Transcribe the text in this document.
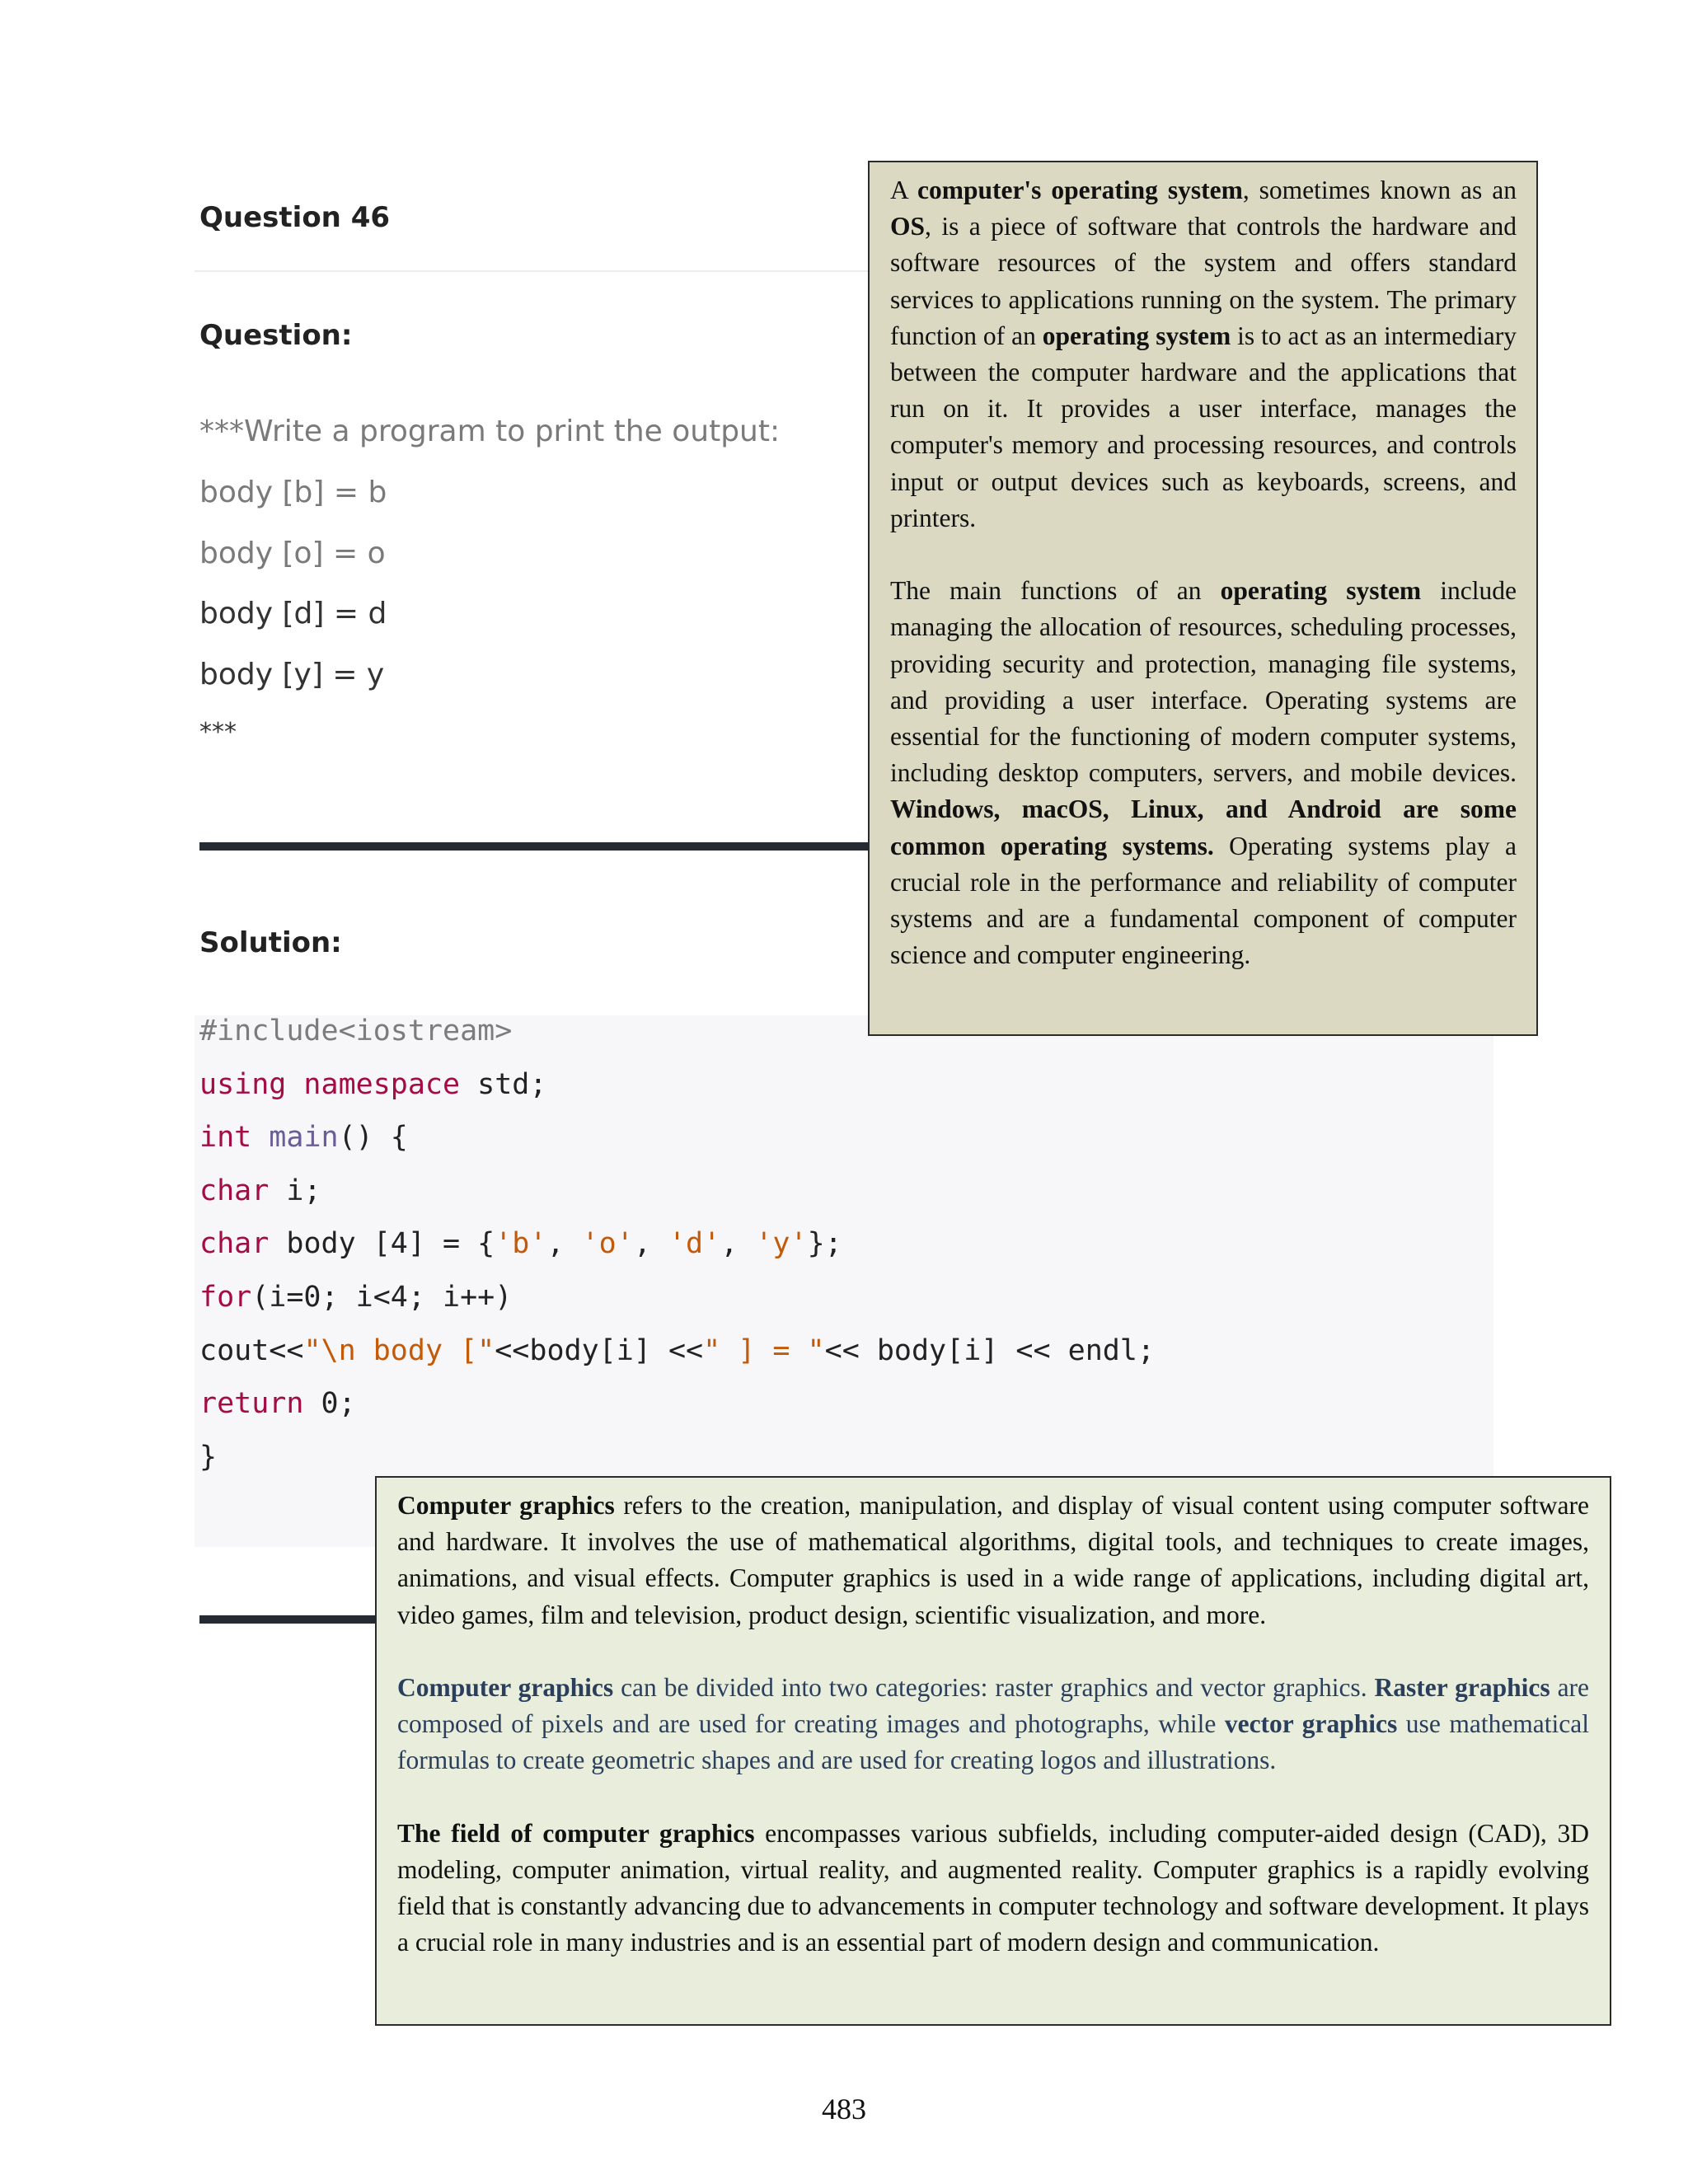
Question 46
Question:
***Write a program to print the output:
body [b] = b
body [o] = o
body [d] = d
body [y] = y
***
Solution:
#include<iostream>
using namespace std;
int main() {
char i;
char body [4] = {'b', 'o', 'd', 'y'};
for(i=0; i<4; i++)
cout<<"\n body ["<<body[i] <<" ] = "<< body[i] << endl;
return 0;
}

A computer's operating system, sometimes known as an OS, is a piece of software that controls the hardware and software resources of the system and offers standard services to applications running on the system. The primary function of an operating system is to act as an intermediary between the computer hardware and the applications that run on it. It provides a user interface, manages the computer's memory and processing resources, and controls input or output devices such as keyboards, screens, and printers.

The main functions of an operating system include managing the allocation of resources, scheduling processes, providing security and protection, managing file systems, and providing a user interface. Operating systems are essential for the functioning of modern computer systems, including desktop computers, servers, and mobile devices. Windows, macOS, Linux, and Android are some common operating systems. Operating systems play a crucial role in the performance and reliability of computer systems and are a fundamental component of computer science and computer engineering.

Computer graphics refers to the creation, manipulation, and display of visual content using computer software and hardware. It involves the use of mathematical algorithms, digital tools, and techniques to create images, animations, and visual effects. Computer graphics is used in a wide range of applications, including digital art, video games, film and television, product design, scientific visualization, and more.

Computer graphics can be divided into two categories: raster graphics and vector graphics. Raster graphics are composed of pixels and are used for creating images and photographs, while vector graphics use mathematical formulas to create geometric shapes and are used for creating logos and illustrations.

The field of computer graphics encompasses various subfields, including computer-aided design (CAD), 3D modeling, computer animation, virtual reality, and augmented reality. Computer graphics is a rapidly evolving field that is constantly advancing due to advancements in computer technology and software development. It plays a crucial role in many industries and is an essential part of modern design and communication.

483
